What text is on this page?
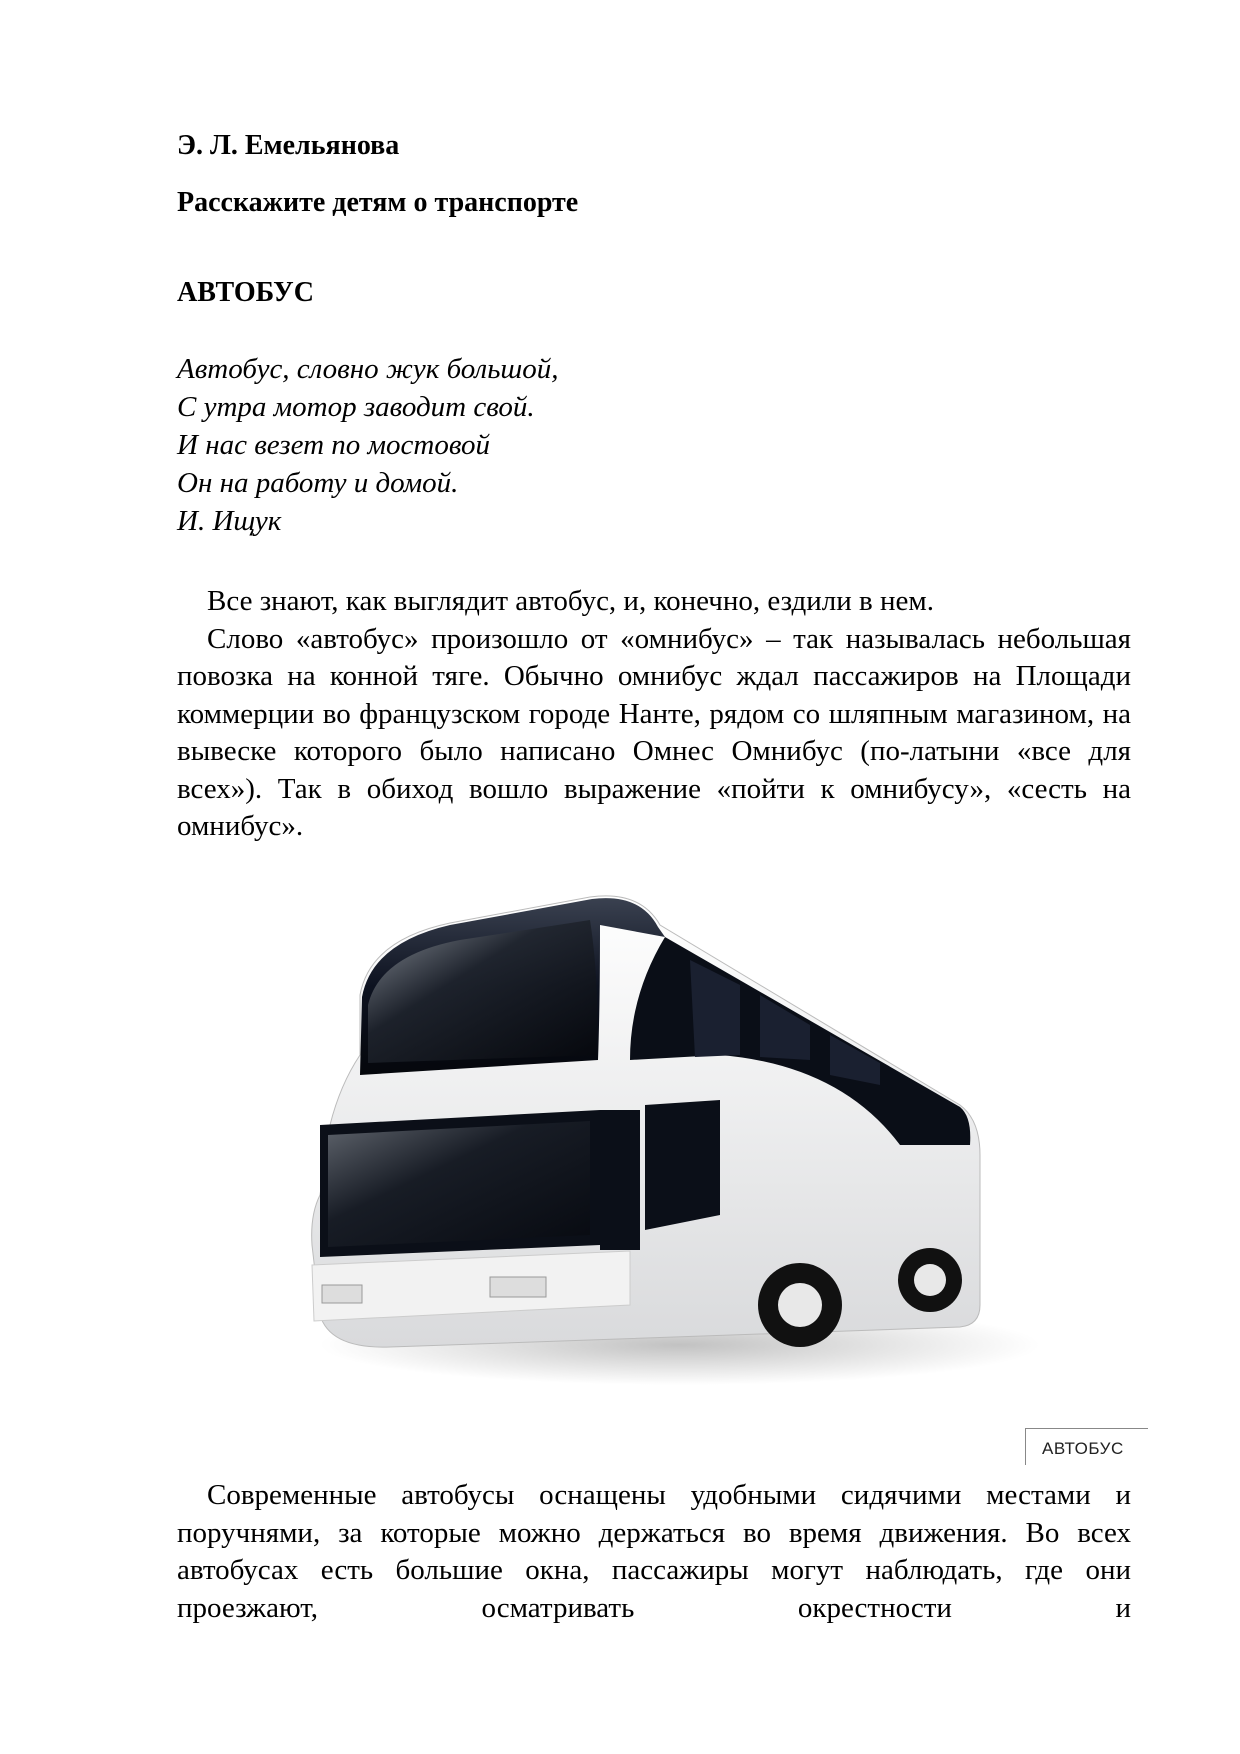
Э. Л. Емельянова
Расскажите детям о транспорте
АВТОБУС
Автобус, словно жук большой,
С утра мотор заводит свой.
И нас везет по мостовой
Он на работу и домой.
И. Ищук

Все знают, как выглядит автобус, и, конечно, ездили в нем.

Слово «автобус» произошло от «омнибус» – так называлась небольшая повозка на конной тяге. Обычно омнибус ждал пассажиров на Площади коммерции во французском городе Нанте, рядом со шляпным магазином, на вывеске которого было написано Омнес Омнибус (по-латыни «все для всех»). Так в обиход вошло выражение «пойти к омнибусу», «сесть на омнибус».

АВТОБУС

Современные автобусы оснащены удобными сидячими местами и поручнями, за которые можно держаться во время движения. Во всех автобусах есть большие окна, пассажиры могут наблюдать, где они проезжают, осматривать окрестности и
